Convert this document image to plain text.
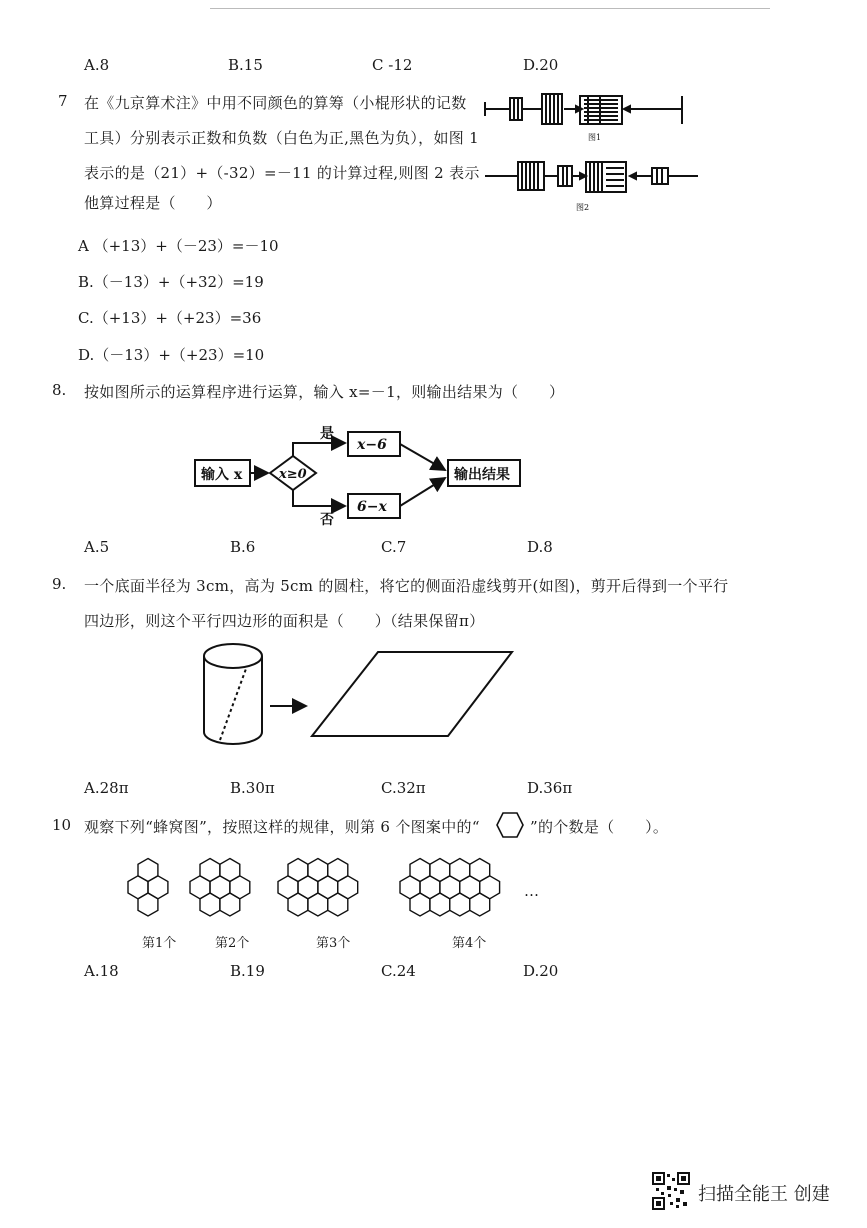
A.8	B.15	C -12	D.20
7 在《九京算术注》中用不同颜色的算筹（小棍形状的记数
工具）分别表示正数和负数（白色为正,黑色为负），如图 1
表示的是（21）+（-32）=－11 的计算过程,则图 2 表示
他算过程是（　　）
图1
图2
A （+13）+（－23）=－10
B.（－13）+（+32）=19
C.（+13）+（+23）=36
D.（－13）+（+23）=10
8. 按如图所示的运算程序进行运算，输入 x=－1，则输出结果为（　　）
输入 x	x≥0
是
否
x−6
6−x
输出结果
A.5	B.6	C.7	D.8
9. 一个底面半径为 3cm，高为 5cm 的圆柱，将它的侧面沿虚线剪开(如图)，剪开后得到一个平行
四边形，则这个平行四边形的面积是（　　）（结果保留π）
A.28π	B.30π	C.32π	D.36π
10 观察下列“蜂窝图”，按照这样的规律，则第 6 个图案中的“	”的个数是（　　）。
第1个	第2个	第3个	第4个
…
A.18	B.19	C.24	D.20
扫描全能王 创建
